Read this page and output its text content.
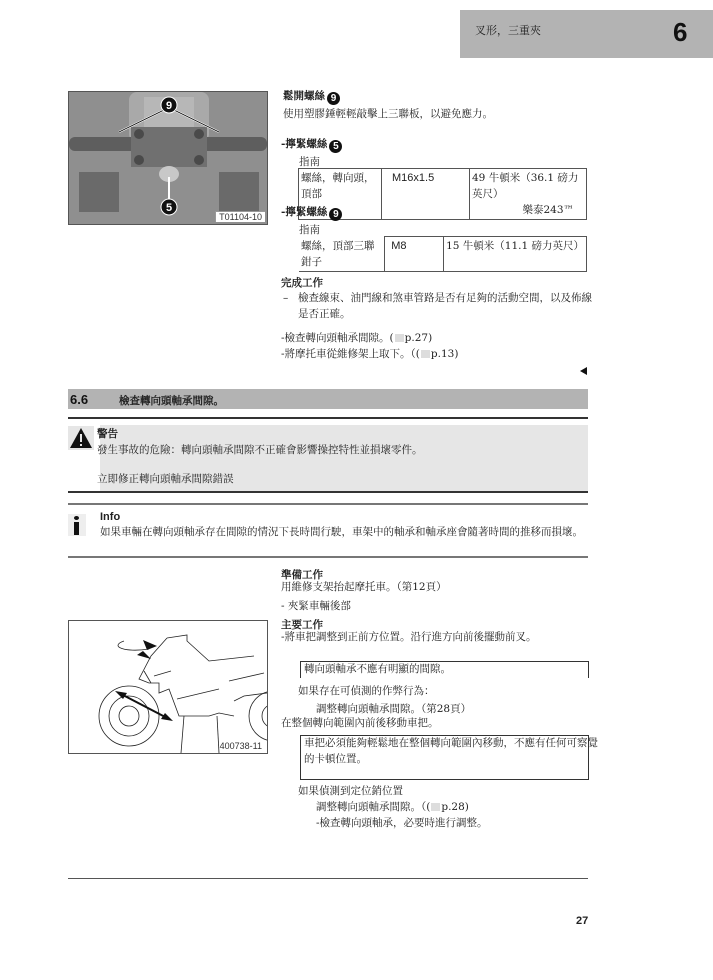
叉形，三重夾	6
9
5
T01104-10
鬆開螺絲 9
使用塑膠錘輕輕敲擊上三聯板，以避免應力。
-擰緊螺絲 5
指南
螺絲，轉向頭，
頂部
	M16x1.5	49 牛頓米（36.1 磅力英尺）
樂泰243™
-擰緊螺絲 9
指南
螺絲，頂部三聯
鉗子
	M8	15 牛頓米（11.1 磅力英尺）
完成工作
– 檢查線束、油門線和煞車管路是否有足夠的活動空間，以及佈線
是否正確。
-檢查轉向頭軸承間隙。( p.27)
-將摩托車從維修架上取下。（( p.13)
6.6	檢查轉向頭軸承間隙。
警告
發生事故的危險：轉向頭軸承間隙不正確會影響操控特性並損壞零件。
立即修正轉向頭軸承間隙錯誤
Info
如果車輛在轉向頭軸承存在間隙的情況下長時間行駛，車架中的軸承和軸承座會隨著時間的推移而損壞。
準備工作
用維修支架抬起摩托車。（第12頁）
- 夾緊車輛後部
主要工作
-將車把調整到正前方位置。沿行進方向前後擺動前叉。
400738-11
轉向頭軸承不應有明顯的間隙。
如果存在可偵測的作弊行為：
調整轉向頭軸承間隙。（第28頁）
在整個轉向範圍內前後移動車把。
車把必須能夠輕鬆地在整個轉向範圍內移動，不應有任何可察覺
的卡頓位置。
如果偵測到定位銷位置
調整轉向頭軸承間隙。（( p.28)
-檢查轉向頭軸承，必要時進行調整。
27
